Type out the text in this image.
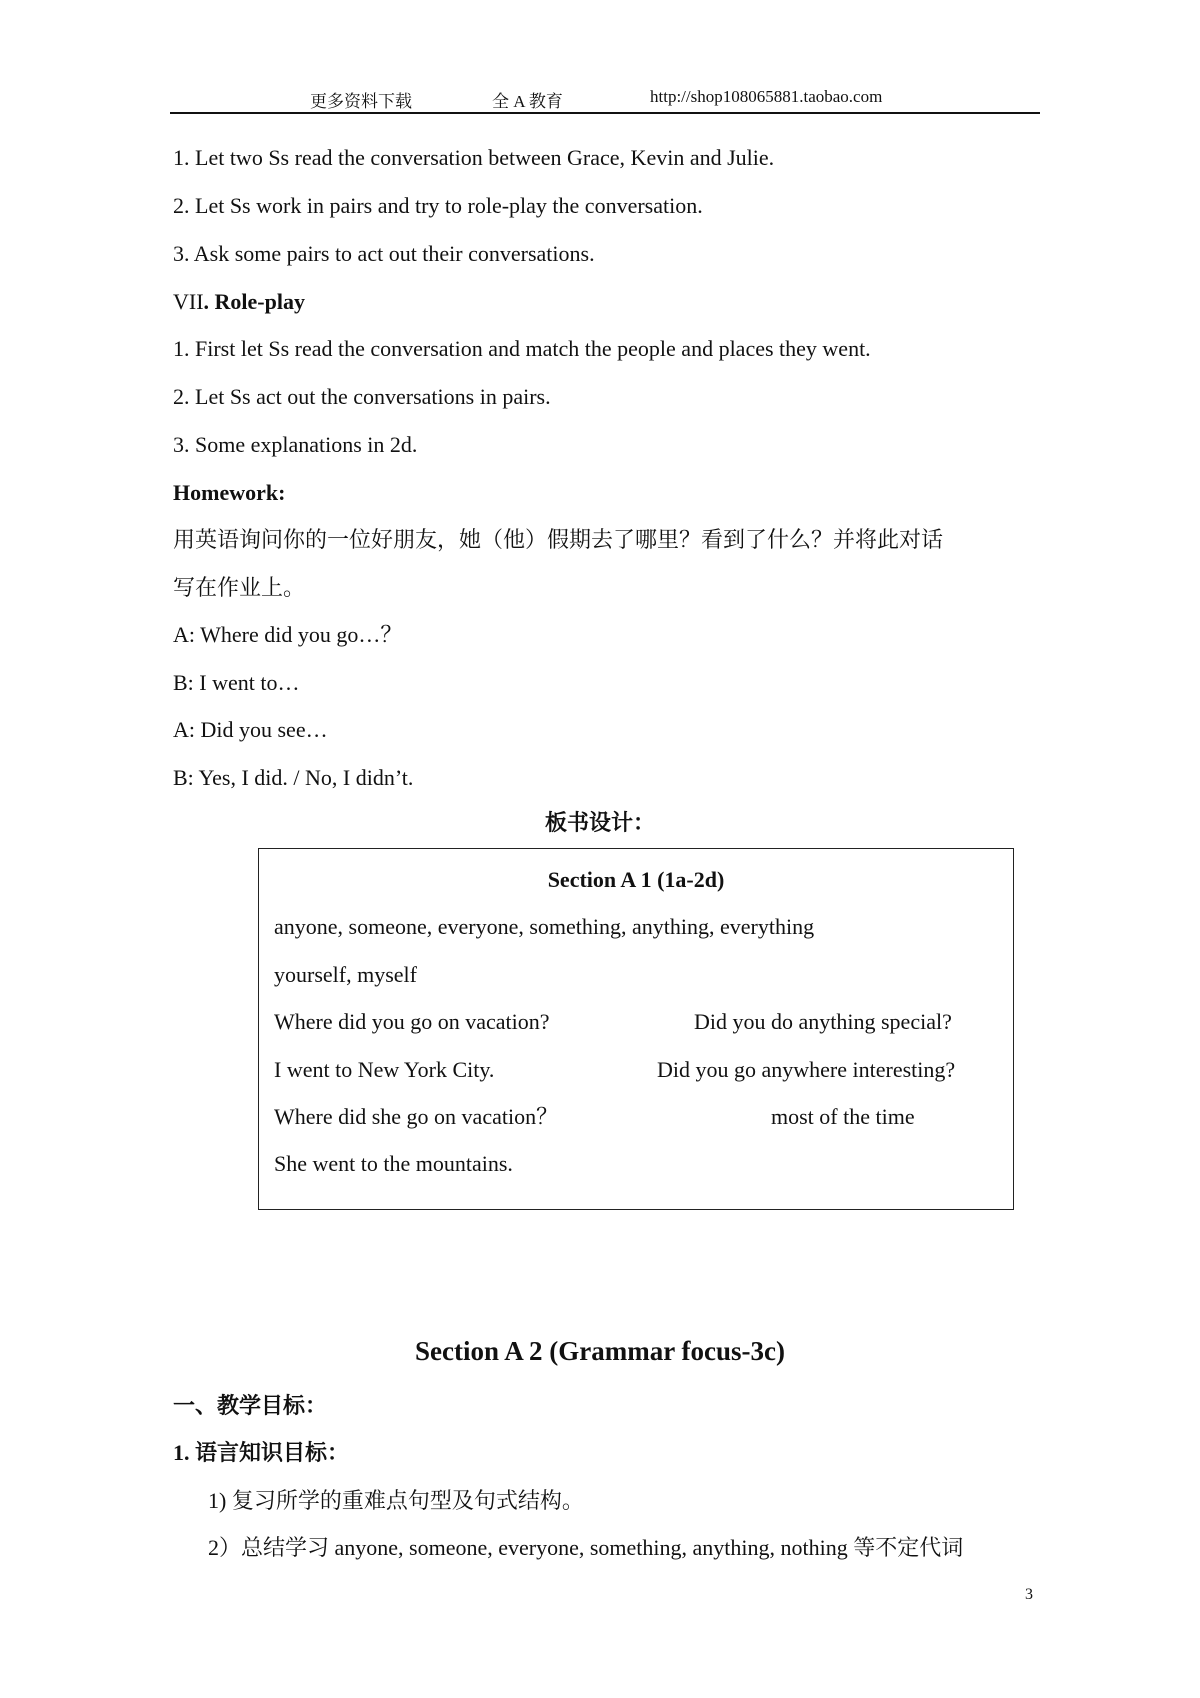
更多资料下载	全 A 教育	http://shop108065881.taobao.com
1. Let two Ss read the conversation between Grace, Kevin and Julie.
2. Let Ss work in pairs and try to role-play the conversation.
3. Ask some pairs to act out their conversations.
VII. Role-play
1. First let Ss read the conversation and match the people and places they went.
2. Let Ss act out the conversations in pairs.
3. Some explanations in 2d.
Homework:
用英语询问你的一位好朋友，她（他）假期去了哪里？看到了什么？并将此对话
写在作业上。
A: Where did you go…？
B: I went to…
A: Did you see…
B: Yes, I did. / No, I didn’t.
板书设计：
Section A 1 (1a-2d)
anyone, someone, everyone, something, anything, everything
yourself, myself
Where did you go on vacation?
I went to New York City.
Where did she go on vacation？
She went to the mountains.
Did you do anything special?
Did you go anywhere interesting?
most of the time
Section A 2 (Grammar focus-3c)
一、教学目标：
1. 语言知识目标：
1) 复习所学的重难点句型及句式结构。
2）总结学习 anyone, someone, everyone, something, anything, nothing 等不定代词
3
